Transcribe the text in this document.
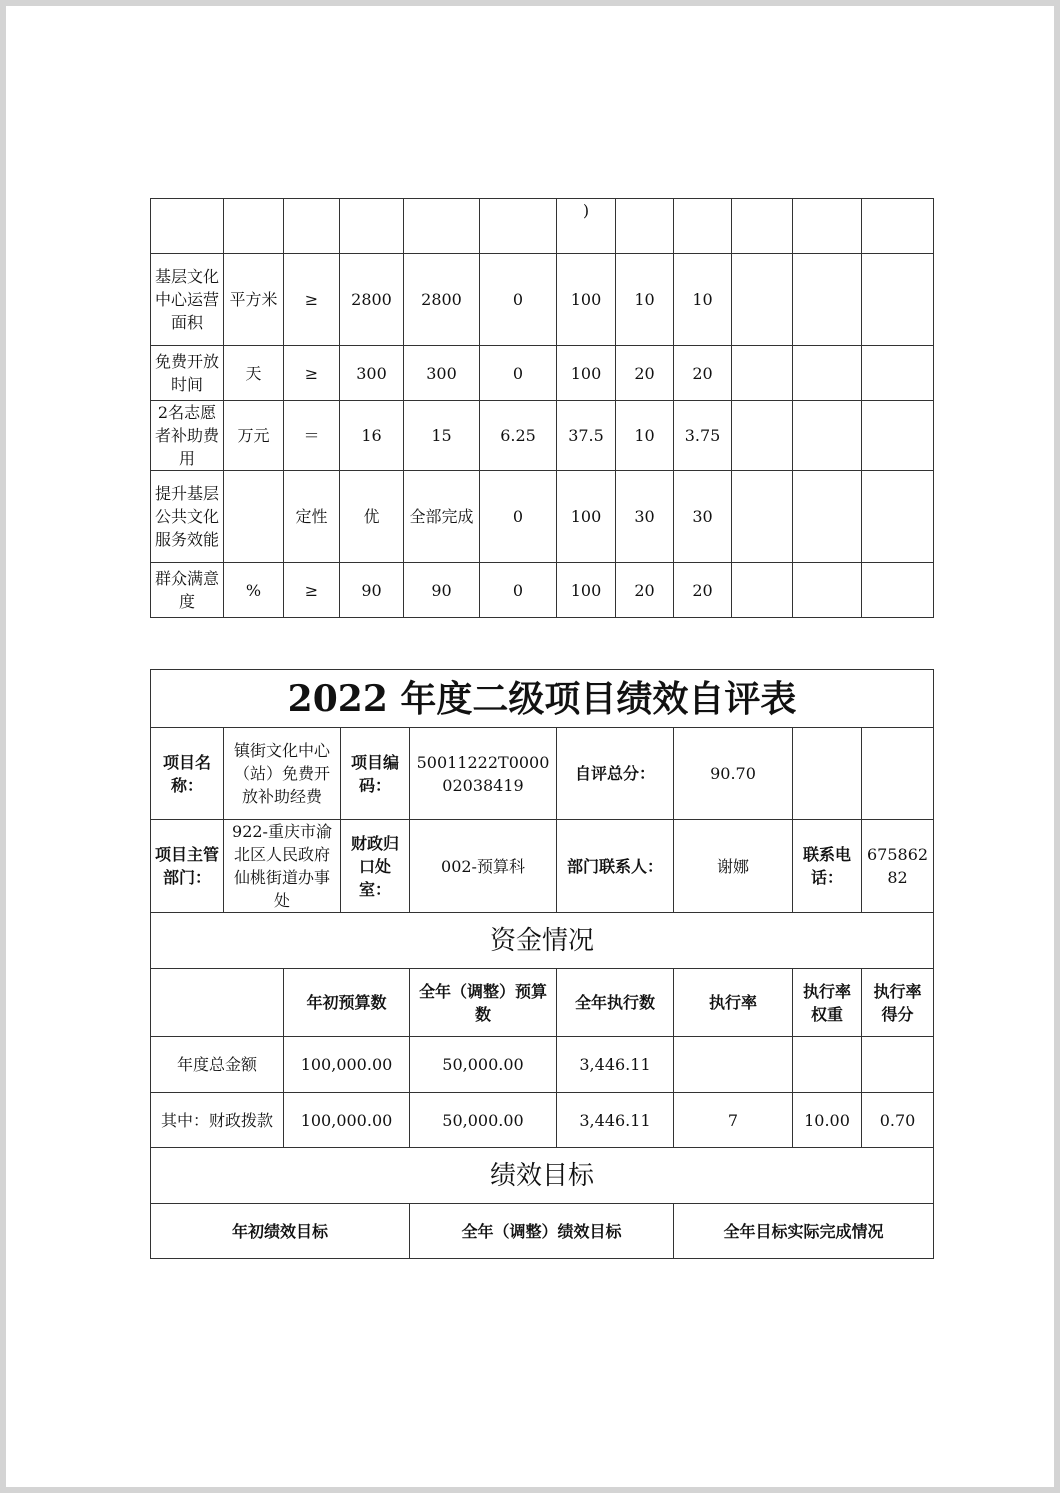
						)					
基层文化中心运营面积	平方米	≥	2800	2800	0	100	10	10			
免费开放时间	天	≥	300	300	0	100	20	20			
2名志愿者补助费用	万元	＝	16	15	6.25	37.5	10	3.75			
提升基层公共文化服务效能		定性	优	全部完成	0	100	30	30			
群众满意度	%	≥	90	90	0	100	20	20			
2022 年度二级项目绩效自评表								
项目名称：	镇街文化中心（站）免费开放补助经费		项目编码：	50011222T000002038419	自评总分：	90.70		
项目主管部门：	922-重庆市渝北区人民政府仙桃街道办事处		财政归口处室：	002-预算科	部门联系人：	谢娜	联系电话：	67586282
资金情况								
		年初预算数		全年（调整）预算数	全年执行数	执行率	执行率权重	执行率得分
年度总金额		100,000.00		50,000.00	3,446.11			
其中：财政拨款		100,000.00		50,000.00	3,446.11	7	10.00	0.70
绩效目标								
年初绩效目标				全年（调整）绩效目标		全年目标实际完成情况		
